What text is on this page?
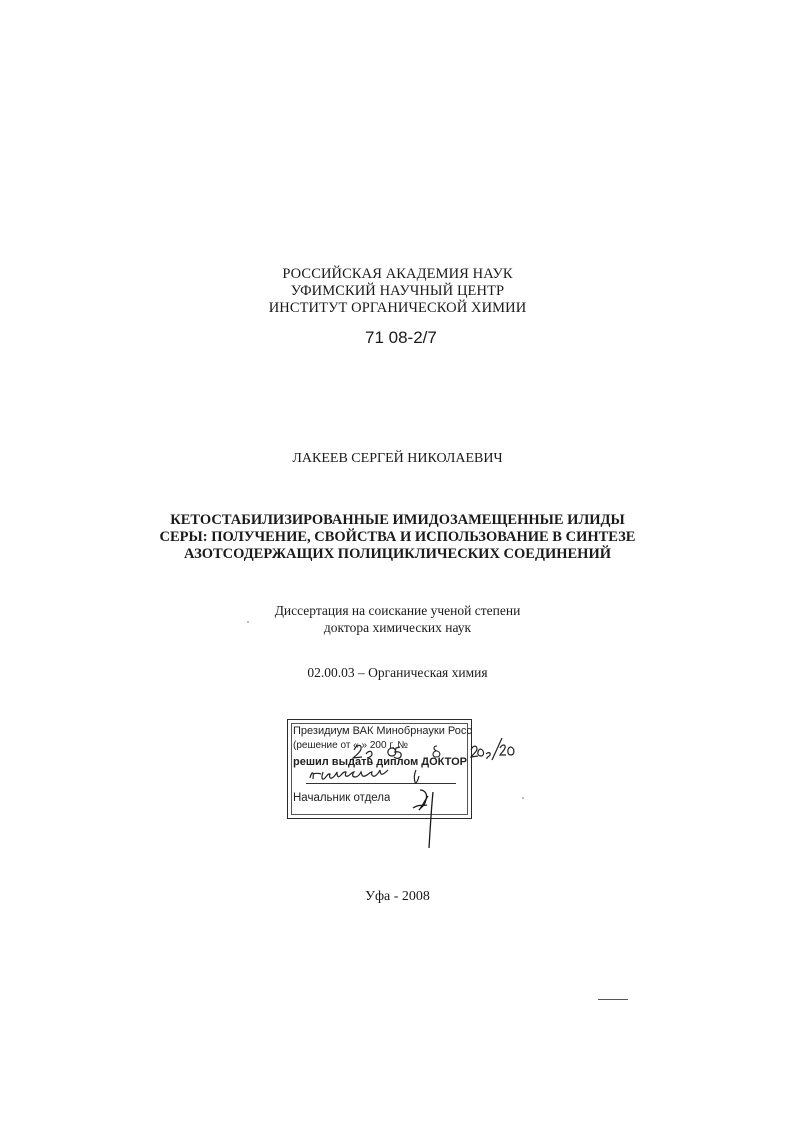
РОССИЙСКАЯ АКАДЕМИЯ НАУК
УФИМСКИЙ НАУЧНЫЙ ЦЕНТР
ИНСТИТУТ ОРГАНИЧЕСКОЙ ХИМИИ
71 08-2/7
ЛАКЕЕВ СЕРГЕЙ НИКОЛАЕВИЧ
КЕТОСТАБИЛИЗИРОВАННЫЕ ИМИДОЗАМЕЩЕННЫЕ ИЛИДЫ
СЕРЫ: ПОЛУЧЕНИЕ, СВОЙСТВА И ИСПОЛЬЗОВАНИЕ В СИНТЕЗЕ
АЗОТСОДЕРЖАЩИХ ПОЛИЦИКЛИЧЕСКИХ СОЕДИНЕНИЙ
Диссертация на соискание ученой степени
доктора химических наук
02.00.03 – Органическая химия
Президиум ВАК Минобрнауки Росс
(решение от « » 200 г. №
решил выдать диплом ДОКТОР
Начальник отдела
Уфа - 2008
